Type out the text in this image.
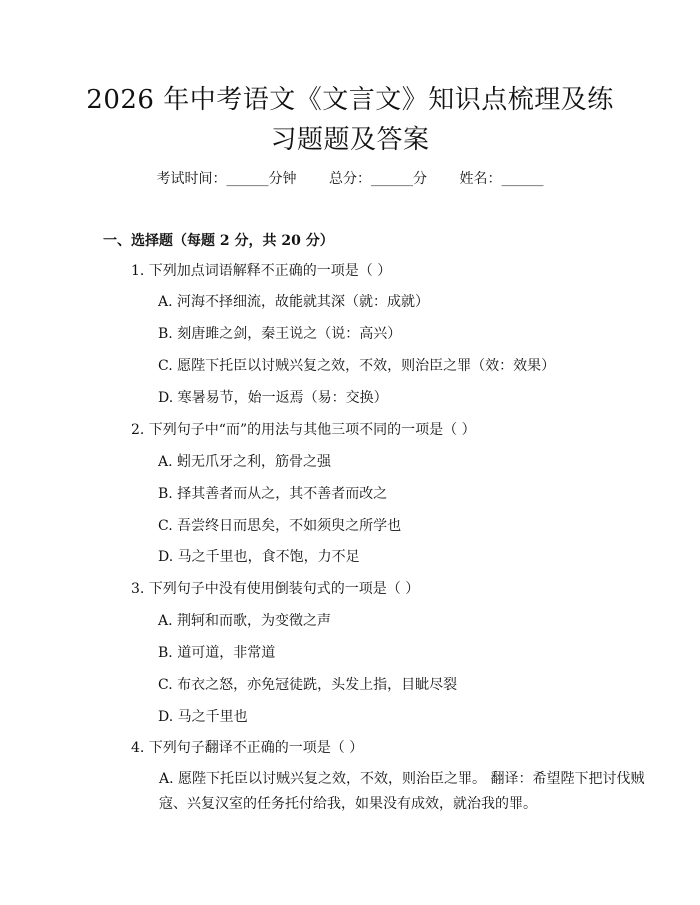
2026 年中考语文《文言文》知识点梳理及练
习题题及答案
考试时间：______分钟 总分：______分 姓名：______
一、选择题（每题 2 分，共 20 分）
1. 下列加点词语解释不正确的一项是（ ）
A. 河海不择细流，故能就其深（就：成就）
B. 刻唐雎之剑，秦王说之（说：高兴）
C. 愿陛下托臣以讨贼兴复之效，不效，则治臣之罪（效：效果）
D. 寒暑易节，始一返焉（易：交换）
2. 下列句子中“而”的用法与其他三项不同的一项是（ ）
A. 蚓无爪牙之利，筋骨之强
B. 择其善者而从之，其不善者而改之
C. 吾尝终日而思矣，不如须臾之所学也
D. 马之千里也，食不饱，力不足
3. 下列句子中没有使用倒装句式的一项是（ ）
A. 荆轲和而歌，为变徵之声
B. 道可道，非常道
C. 布衣之怒，亦免冠徒跣，头发上指，目眦尽裂
D. 马之千里也
4. 下列句子翻译不正确的一项是（ ）
A. 愿陛下托臣以讨贼兴复之效，不效，则治臣之罪。 翻译：希望陛下把讨伐贼寇、兴复汉室的任务托付给我，如果没有成效，就治我的罪。
